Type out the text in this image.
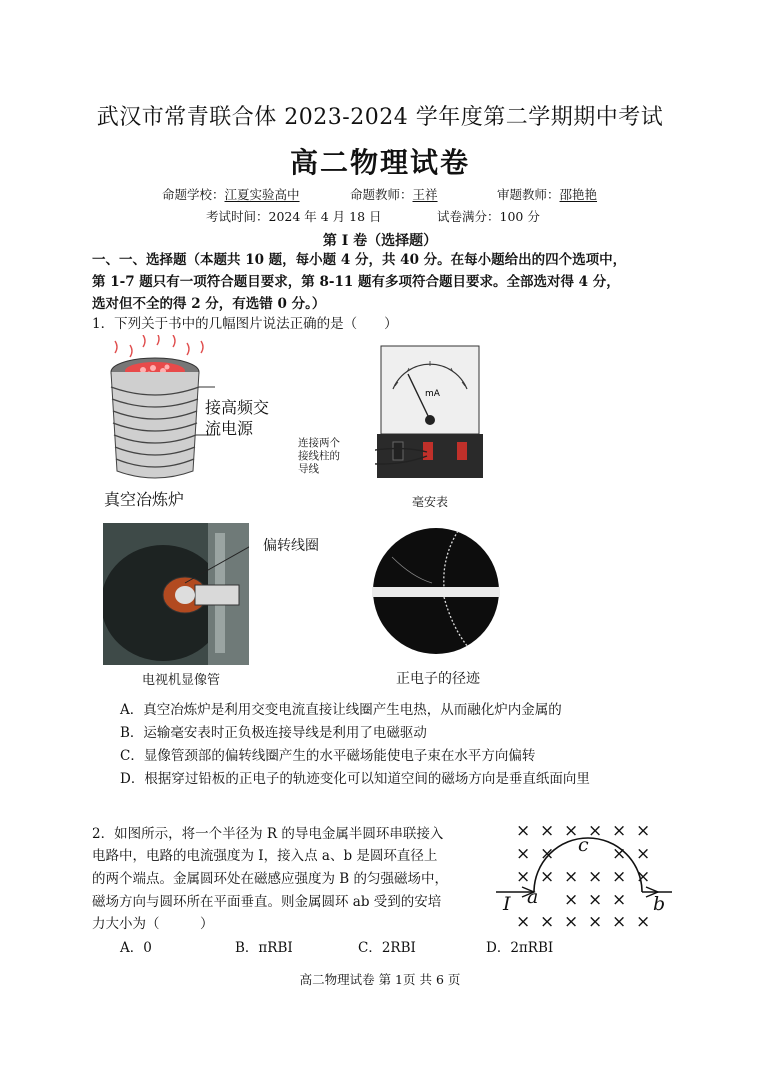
武汉市常青联合体 2023-2024 学年度第二学期期中考试
高二物理试卷
命题学校：江夏实验高中	命题教师：王祥	审题教师：邵艳艳
考试时间：2024 年 4 月 18 日	试卷满分：100 分
第 I 卷（选择题）
一、一、选择题（本题共 10 题，每小题 4 分，共 40 分。在每小题给出的四个选项中，
第 1-7 题只有一项符合题目要求，第 8-11 题有多项符合题目要求。全部选对得 4 分，
选对但不全的得 2 分，有选错 0 分。）
1．下列关于书中的几幅图片说法正确的是（　　）
接高频交
流电源
真空冶炼炉
mA
连接两个
接线柱的
导线
毫安表
偏转线圈
电视机显像管	正电子的径迹
A．真空冶炼炉是利用交变电流直接让线圈产生电热，从而融化炉内金属的
B．运输毫安表时正负极连接导线是利用了电磁驱动
C．显像管颈部的偏转线圈产生的水平磁场能使电子束在水平方向偏转
D．根据穿过铅板的正电子的轨迹变化可以知道空间的磁场方向是垂直纸面向里
2．如图所示，将一个半径为 R 的导电金属半圆环串联接入
电路中，电路的电流强度为 I，接入点 a、b 是圆环直径上
的两个端点。金属圆环处在磁感应强度为 B 的匀强磁场中，
磁场方向与圆环所在平面垂直。则金属圆环 ab 受到的安培
力大小为（　　　）
× × × × × ×
× ×	× ×
× × × × × ×
× × ×
× × × × × ×
c
a	b
I
A．0	B．πRBI	C．2RBI	D．2πRBI
高二物理试卷 第 1页 共 6 页
